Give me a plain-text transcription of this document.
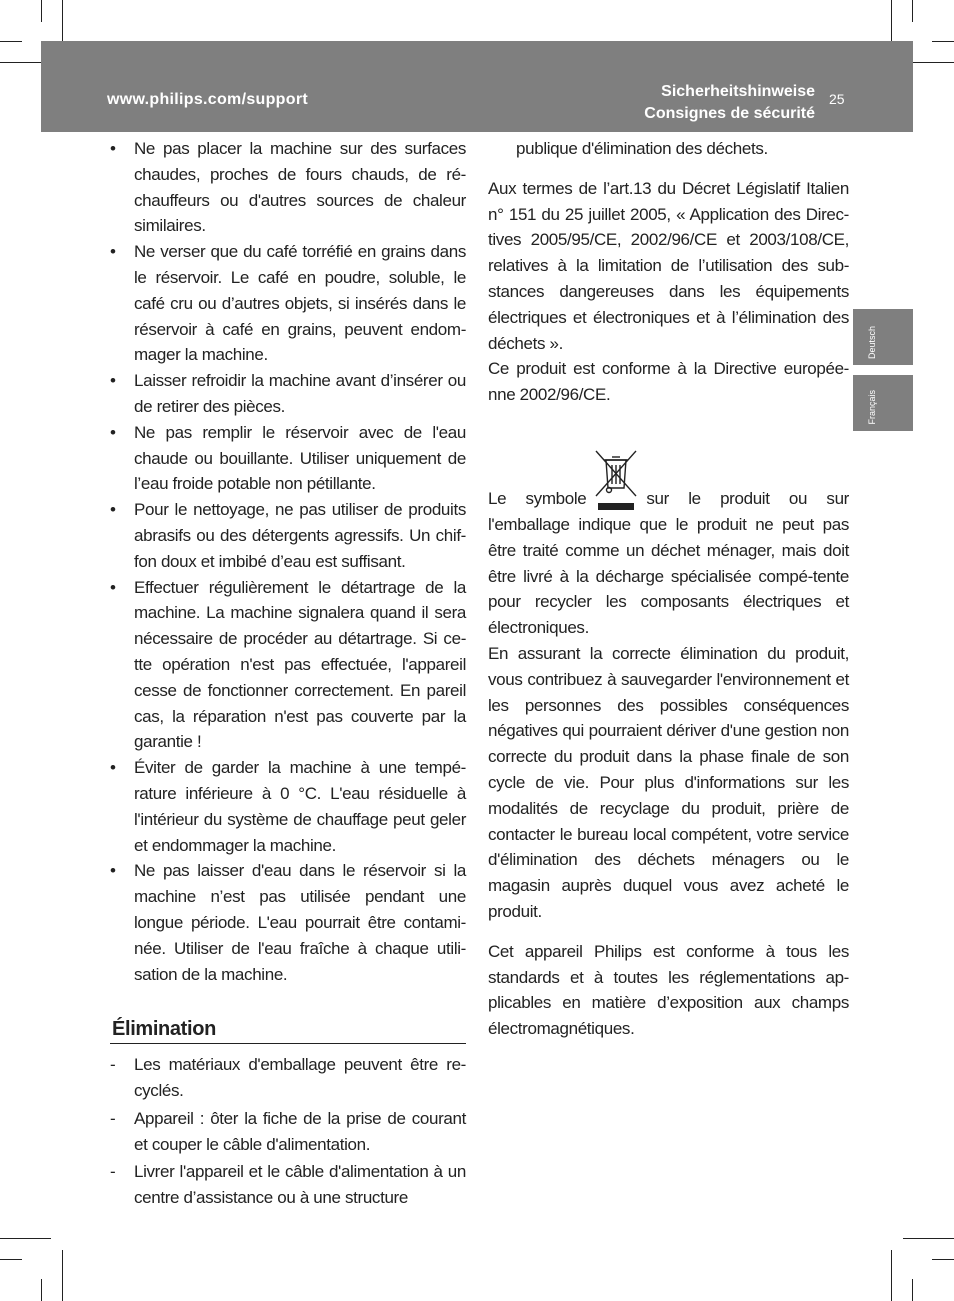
www.philips.com/support	Sicherheitshinweise
Consignes de sécurité
25
Deutsch
Français
• Ne pas placer la machine sur des surfaces chaudes, proches de fours chauds, de ré-chauffeurs ou d'autres sources de chaleur similaires.
• Ne verser que du café torréfié en grains dans le réservoir. Le café en poudre, soluble, le café cru ou d’autres objets, si insérés dans le réservoir à café en grains, peuvent endom-mager la machine.
• Laisser refroidir la machine avant d’insérer ou de retirer des pièces.
• Ne pas remplir le réservoir avec de l'eau chaude ou bouillante. Utiliser uniquement de l’eau froide potable non pétillante.
• Pour le nettoyage, ne pas utiliser de produits abrasifs ou des détergents agressifs. Un chif-fon doux et imbibé d’eau est suffisant.
• Effectuer régulièrement le détartrage de la machine. La machine signalera quand il sera nécessaire de procéder au détartrage. Si ce-tte opération n'est pas effectuée, l'appareil cesse de fonctionner correctement. En pareil cas, la réparation n'est pas couverte par la garantie !
• Éviter de garder la machine à une tempé-rature inférieure à 0 °C. L'eau résiduelle à l'intérieur du système de chauffage peut geler et endommager la machine.
• Ne pas laisser d'eau dans le réservoir si la machine n’est pas utilisée pendant une longue période. L'eau pourrait être contami-née. Utiliser de l'eau fraîche à chaque utili-sation de la machine.
Élimination
- Les matériaux d'emballage peuvent être re-cyclés.
- Appareil : ôter la fiche de la prise de courant et couper le câble d'alimentation.
- Livrer l'appareil et le câble d'alimentation à un centre d’assistance ou à une structure

publique d'élimination des déchets.

Aux termes de l’art.13 du Décret Législatif Italien n° 151 du 25 juillet 2005, « Application des Direc-tives 2005/95/CE, 2002/96/CE et 2003/108/CE, relatives à la limitation de l’utilisation des sub-stances dangereuses dans les équipements électriques et électroniques et à l’élimination des déchets ».

Ce produit est conforme à la Directive europée-nne 2002/96/CE.

Le symbole	sur le produit ou sur l'emballage indique que le produit ne peut pas être traité comme un déchet ménager, mais doit être livré à la décharge spécialisée compé-tente pour recycler les composants électriques et électroniques.

En assurant la correcte élimination du produit, vous contribuez à sauvegarder l'environnement et les personnes des possibles conséquences négatives qui pourraient dériver d'une gestion non correcte du produit dans la phase finale de son cycle de vie. Pour plus d'informations sur les modalités de recyclage du produit, prière de contacter le bureau local compétent, votre service d'élimination des déchets ménagers ou le magasin auprès duquel vous avez acheté le produit.

Cet appareil Philips est conforme à tous les standards et à toutes les réglementations ap-plicables en matière d’exposition aux champs électromagnétiques.
